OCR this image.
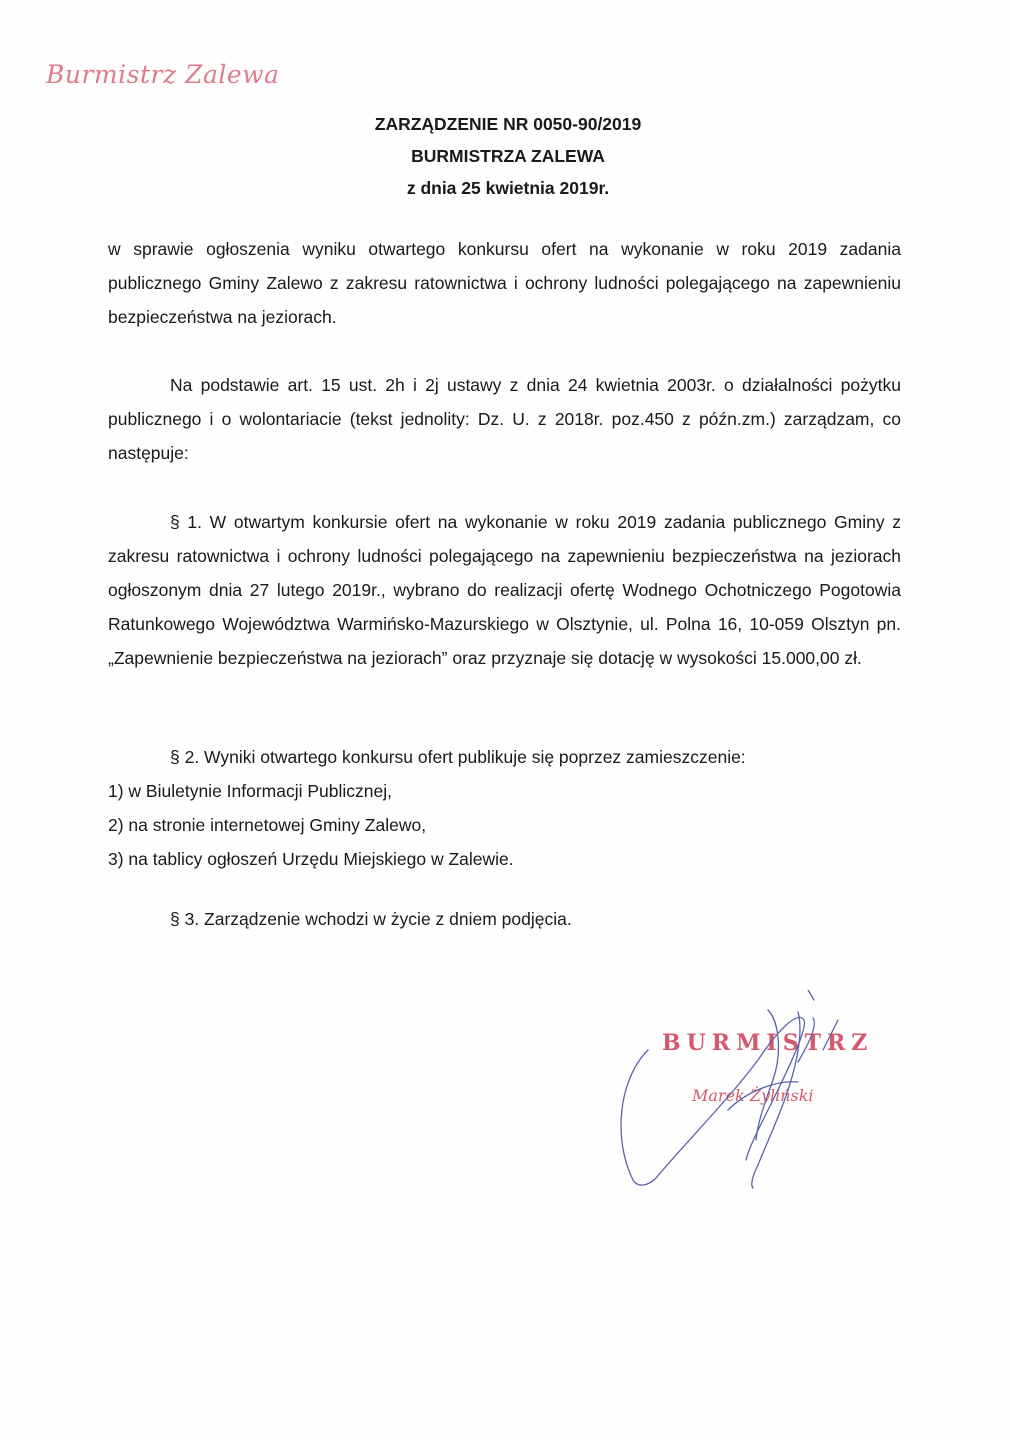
Burmistrz Zalewa
ZARZĄDZENIE NR 0050-90/2019
BURMISTRZA ZALEWA
z dnia 25 kwietnia 2019r.

w sprawie ogłoszenia wyniku otwartego konkursu ofert na wykonanie w roku 2019 zadania publicznego Gminy Zalewo z zakresu ratownictwa i ochrony ludności polegającego na zapewnieniu bezpieczeństwa na jeziorach.

Na podstawie art. 15 ust. 2h i 2j ustawy z dnia 24 kwietnia 2003r. o działalności pożytku publicznego i o wolontariacie (tekst jednolity: Dz. U. z 2018r. poz.450 z późn.zm.) zarządzam, co następuje:

§ 1. W otwartym konkursie ofert na wykonanie w roku 2019 zadania publicznego Gminy z zakresu ratownictwa i ochrony ludności polegającego na zapewnieniu bezpieczeństwa na jeziorach ogłoszonym dnia 27 lutego 2019r., wybrano do realizacji ofertę Wodnego Ochotniczego Pogotowia Ratunkowego Województwa Warmińsko-Mazurskiego w Olsztynie, ul. Polna 16, 10-059 Olsztyn pn. „Zapewnienie bezpieczeństwa na jeziorach” oraz przyznaje się dotację w wysokości 15.000,00 zł.

§ 2. Wyniki otwartego konkursu ofert publikuje się poprzez zamieszczenie:

1) w Biuletynie Informacji Publicznej,

2) na stronie internetowej Gminy Zalewo,

3) na tablicy ogłoszeń Urzędu Miejskiego w Zalewie.

§ 3. Zarządzenie wchodzi w życie z dniem podjęcia.

BURMISTRZ
Marek Żyliński
